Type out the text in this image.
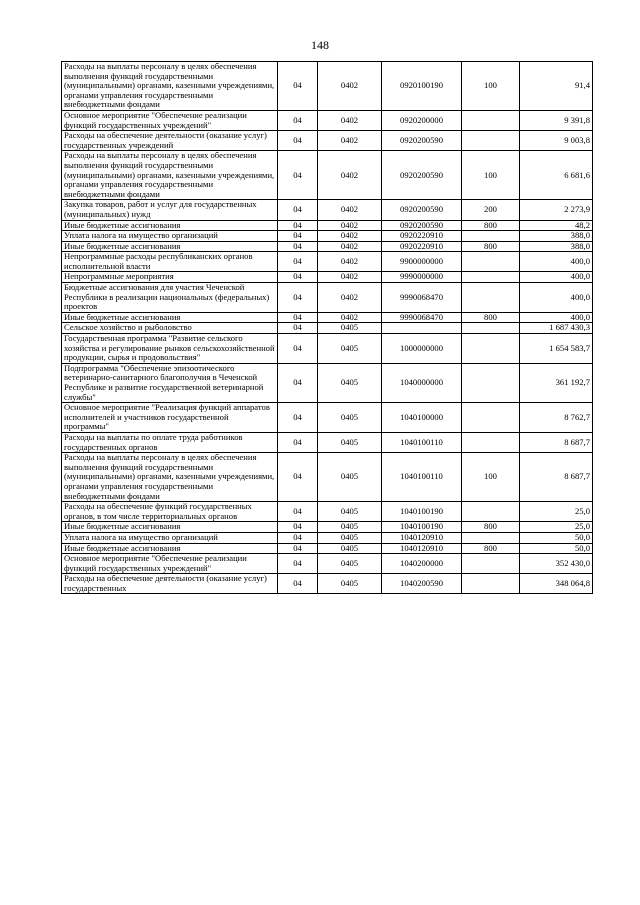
148
Расходы на выплаты персоналу в целях обеспечения выполнения функций государственными (муниципальными) органами, казенными учреждениями, органами управления государственными внебюджетными фондами	04	0402	0920100190	100	91,4
Основное мероприятие "Обеспечение реализации функций государственных учреждений"	04	0402	0920200000		9 391,8
Расходы на обеспечение деятельности (оказание услуг) государственных учреждений	04	0402	0920200590		9 003,8
Расходы на выплаты персоналу в целях обеспечения выполнения функций государственными (муниципальными) органами, казенными учреждениями, органами управления государственными внебюджетными фондами	04	0402	0920200590	100	6 681,6
Закупка товаров, работ и услуг для государственных (муниципальных) нужд	04	0402	0920200590	200	2 273,9
Иные бюджетные ассигнования	04	0402	0920200590	800	48,2
Уплата налога на имущество организаций	04	0402	0920220910		388,0
Иные бюджетные ассигнования	04	0402	0920220910	800	388,0
Непрограммные расходы республиканских органов исполнительной власти	04	0402	9900000000		400,0
Непрограммные мероприятия	04	0402	9990000000		400,0
Бюджетные ассигнования для участия Чеченской Республики в реализации национальных (федеральных) проектов	04	0402	9990068470		400,0
Иные бюджетные ассигнования	04	0402	9990068470	800	400,0
Сельское хозяйство и рыболовство	04	0405			1 687 430,3
Государственная программа "Развитие сельского хозяйства и регулирование рынков сельскохозяйственной продукции, сырья и продовольствия"	04	0405	1000000000		1 654 583,7
Подпрограмма "Обеспечение эпизоотического ветеринарно-санитарного благополучия в Чеченской Республике и развитие государственной ветеринарной службы"	04	0405	1040000000		361 192,7
Основное мероприятие "Реализация функций аппаратов исполнителей и участников государственной программы"	04	0405	1040100000		8 762,7
Расходы на выплаты по оплате труда работников государственных органов	04	0405	1040100110		8 687,7
Расходы на выплаты персоналу в целях обеспечения выполнения функций государственными (муниципальными) органами, казенными учреждениями, органами управления государственными внебюджетными фондами	04	0405	1040100110	100	8 687,7
Расходы на обеспечение функций государственных органов, в том числе территориальных органов	04	0405	1040100190		25,0
Иные бюджетные ассигнования	04	0405	1040100190	800	25,0
Уплата налога на имущество организаций	04	0405	1040120910		50,0
Иные бюджетные ассигнования	04	0405	1040120910	800	50,0
Основное мероприятие "Обеспечение реализации функций государственных учреждений"	04	0405	1040200000		352 430,0
Расходы на обеспечение деятельности (оказание услуг) государственных	04	0405	1040200590		348 064,8
